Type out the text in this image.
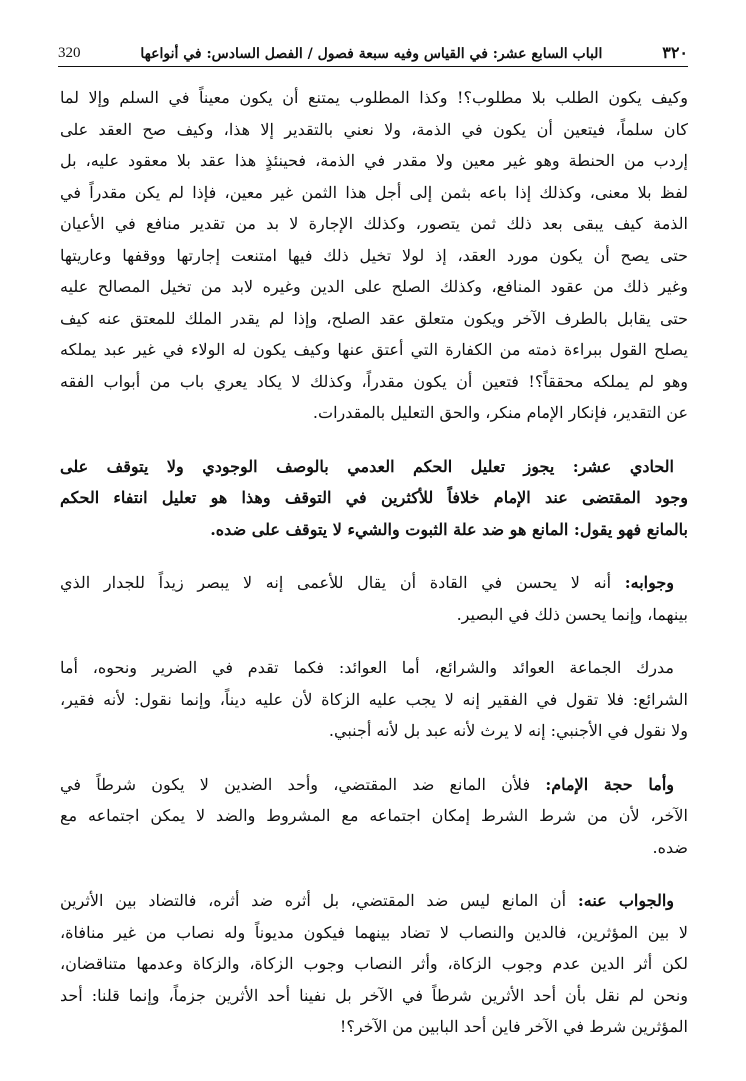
٣٢٠
الباب السابع عشر: في القياس وفيه سبعة فصول / الفصل السادس: في أنواعها
320
وكيف يكون الطلب بلا مطلوب؟! وكذا المطلوب يمتنع أن يكون معيناً في السلم وإلا لما
كان سلماً، فيتعين أن يكون في الذمة، ولا نعني بالتقدير إلا هذا، وكيف صح العقد على
إردب من الحنطة وهو غير معين ولا مقدر في الذمة، فحينئذٍ هذا عقد بلا معقود عليه، بل
لفظ بلا معنى، وكذلك إذا باعه بثمن إلى أجل هذا الثمن غير معين، فإذا لم يكن مقدراً في
الذمة كيف يبقى بعد ذلك ثمن يتصور، وكذلك الإجارة لا بد من تقدير منافع في الأعيان
حتى يصح أن يكون مورد العقد، إذ لولا تخيل ذلك فيها امتنعت إجارتها ووقفها وعاريتها
وغير ذلك من عقود المنافع، وكذلك الصلح على الدين وغيره لابد من تخيل المصالح عليه
حتى يقابل بالطرف الآخر ويكون متعلق عقد الصلح، وإذا لم يقدر الملك للمعتق عنه كيف
يصلح القول ببراءة ذمته من الكفارة التي أعتق عنها وكيف يكون له الولاء في غير عبد يملكه
وهو لم يملكه محققاً؟! فتعين أن يكون مقدراً، وكذلك لا يكاد يعري باب من أبواب الفقه
عن التقدير، فإنكار الإمام منكر، والحق التعليل بالمقدرات.
الحادي عشر: يجوز تعليل الحكم العدمي بالوصف الوجودي ولا يتوقف على
وجود المقتضى عند الإمام خلافاً للأكثرين في التوقف وهذا هو تعليل انتفاء الحكم
بالمانع فهو يقول: المانع هو ضد علة الثبوت والشيء لا يتوقف على ضده.
وجوابه: أنه لا يحسن في القادة أن يقال للأعمى إنه لا يبصر زيداً للجدار الذي
بينهما، وإنما يحسن ذلك في البصير.
مدرك الجماعة العوائد والشرائع، أما العوائد: فكما تقدم في الضرير ونحوه، أما
الشرائع: فلا تقول في الفقير إنه لا يجب عليه الزكاة لأن عليه ديناً، وإنما نقول: لأنه فقير،
ولا نقول في الأجنبي: إنه لا يرث لأنه عبد بل لأنه أجنبي.
وأما حجة الإمام: فلأن المانع ضد المقتضي، وأحد الضدين لا يكون شرطاً في
الآخر، لأن من شرط الشرط إمكان اجتماعه مع المشروط والضد لا يمكن اجتماعه مع
ضده.
والجواب عنه: أن المانع ليس ضد المقتضي، بل أثره ضد أثره، فالتضاد بين الأثرين
لا بين المؤثرين، فالدين والنصاب لا تضاد بينهما فيكون مديوناً وله نصاب من غير منافاة،
لكن أثر الدين عدم وجوب الزكاة، وأثر النصاب وجوب الزكاة، والزكاة وعدمها متناقضان،
ونحن لم نقل بأن أحد الأثرين شرطاً في الآخر بل نفينا أحد الأثرين جزماً، وإنما قلنا: أحد
المؤثرين شرط في الآخر فاين أحد البابين من الآخر؟!
